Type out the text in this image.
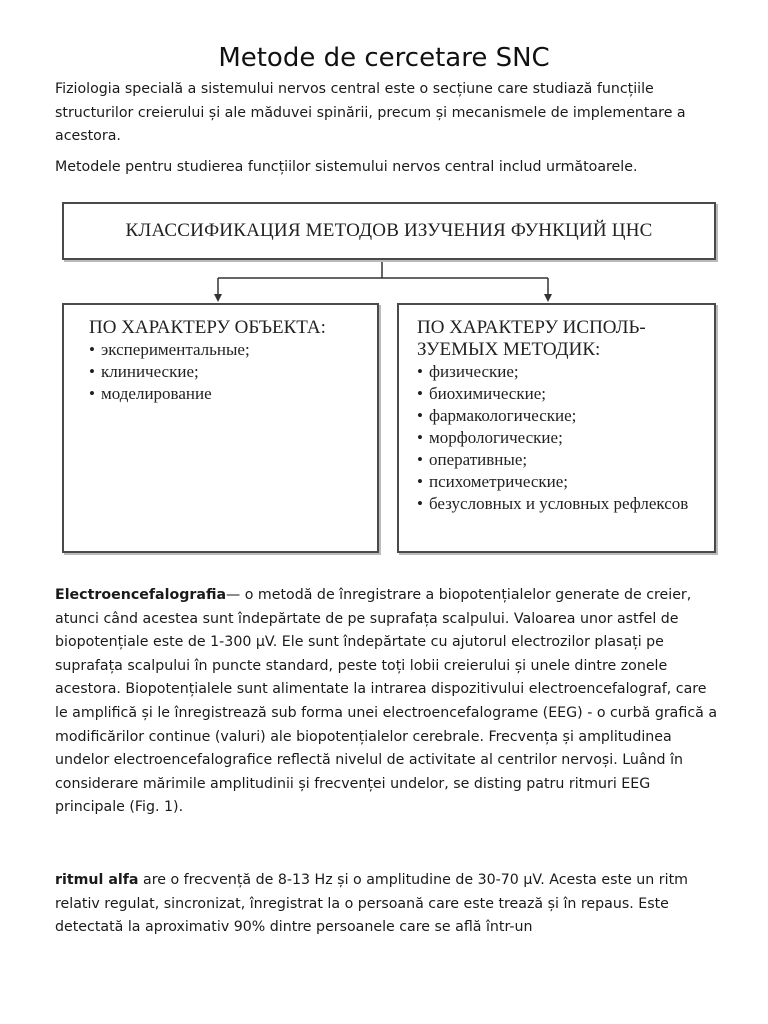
Metode de cercetare SNC

Fiziologia specială a sistemului nervos central este o secțiune care studiază funcțiile structurilor creierului și ale măduvei spinării, precum și mecanismele de implementare a acestora.

Metodele pentru studierea funcțiilor sistemului nervos central includ următoarele.

КЛАССИФИКАЦИЯ МЕТОДОВ ИЗУЧЕНИЯ ФУНКЦИЙ ЦНС
ПО ХАРАКТЕРУ ОБЪЕКТА:
• экспериментальные;
• клинические;
• моделирование
ПО ХАРАКТЕРУ ИСПОЛЬ-ЗУЕМЫХ МЕТОДИК:
• физические;
• биохимические;
• фармакологические;
• морфологические;
• оперативные;
• психометрические;
• безусловных и условных рефлексов

Electroencefalografia— o metodă de înregistrare a biopotențialelor generate de creier, atunci când acestea sunt îndepărtate de pe suprafața scalpului. Valoarea unor astfel de biopotențiale este de 1-300 µV. Ele sunt îndepărtate cu ajutorul electrozilor plasați pe suprafața scalpului în puncte standard, peste toți lobii creierului și unele dintre zonele acestora. Biopotențialele sunt alimentate la intrarea dispozitivului electroencefalograf, care le amplifică și le înregistrează sub forma unei electroencefalograme (EEG) - o curbă grafică a modificărilor continue (valuri) ale biopotențialelor cerebrale. Frecvența și amplitudinea undelor electroencefalografice reflectă nivelul de activitate al centrilor nervoși. Luând în considerare mărimile amplitudinii și frecvenței undelor, se disting patru ritmuri EEG principale (Fig. 1).

ritmul alfa are o frecvență de 8-13 Hz și o amplitudine de 30-70 µV. Acesta este un ritm relativ regulat, sincronizat, înregistrat la o persoană care este trează și în repaus. Este detectată la aproximativ 90% dintre persoanele care se află într-un
